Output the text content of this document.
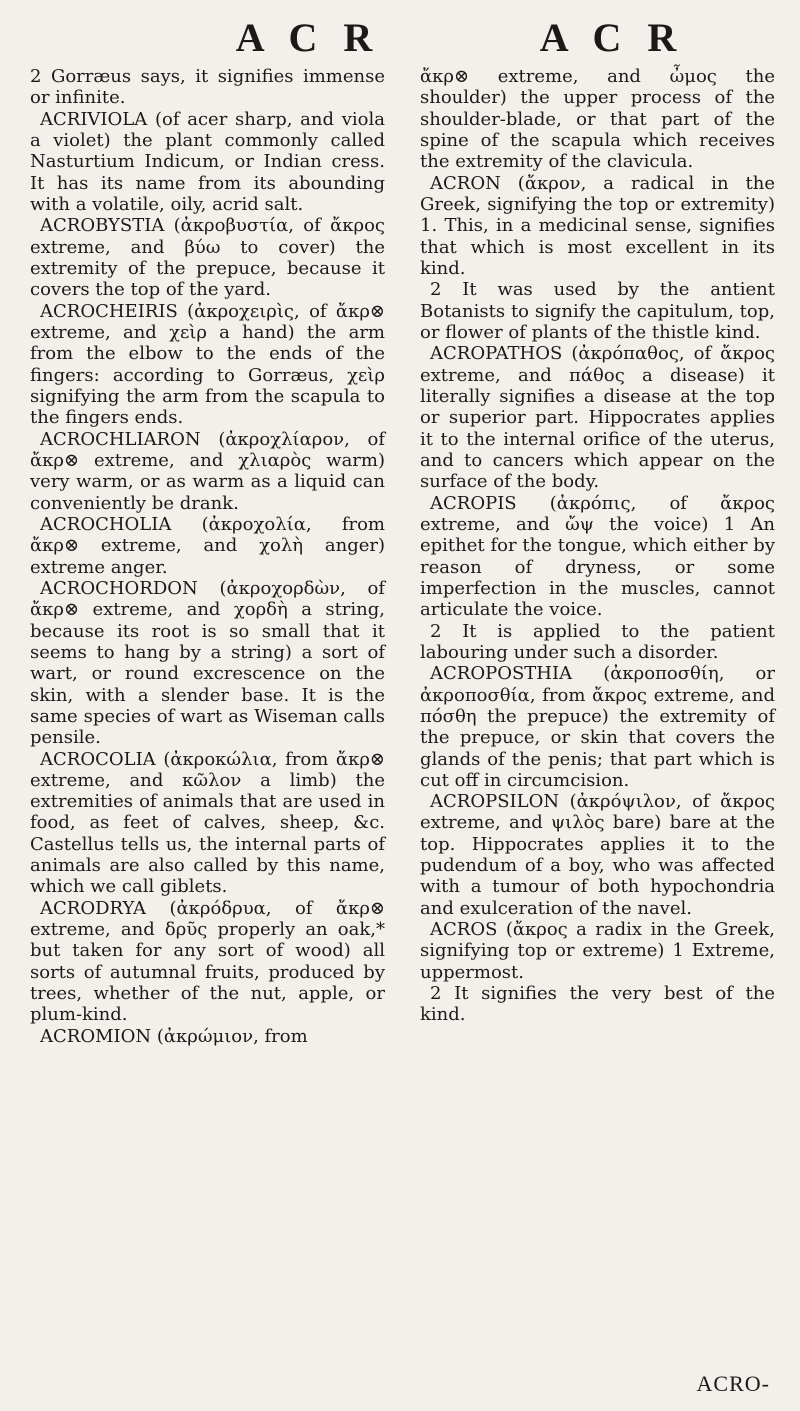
A C R	A C R

2 Gorræus says, it signifies immense or infinite.

ACRIVIOLA (of acer sharp, and viola a violet) the plant commonly called Nasturtium Indicum, or Indian cress. It has its name from its abounding with a volatile, oily, acrid salt.

ACROBYSTIA (ἀκροβυστία, of ἄκρος extreme, and βύω to cover) the extremity of the prepuce, because it covers the top of the yard.

ACROCHEIRIS (ἀκροχειρὶς, of ἄκρ⊗ extreme, and χεὶρ a hand) the arm from the elbow to the ends of the fingers: according to Gorræus, χεὶρ signifying the arm from the scapula to the fingers ends.

ACROCHLIARON (ἀκροχλίαρον, of ἄκρ⊗ extreme, and χλιαρὸς warm) very warm, or as warm as a liquid can conveniently be drank.

ACROCHOLIA (ἀκροχολία, from ἄκρ⊗ extreme, and χολὴ anger) extreme anger.

ACROCHORDON (ἀκροχορδὼν, of ἄκρ⊗ extreme, and χορδὴ a string, because its root is so small that it seems to hang by a string) a sort of wart, or round excrescence on the skin, with a slender base. It is the same species of wart as Wiseman calls pensile.

ACROCOLIA (ἀκροκώλια, from ἄκρ⊗ extreme, and κῶλον a limb) the extremities of animals that are used in food, as feet of calves, sheep, &c. Castellus tells us, the internal parts of animals are also called by this name, which we call giblets.

ACRODRYA (ἀκρόδρυα, of ἄκρ⊗ extreme, and δρῦς properly an oak,* but taken for any sort of wood) all sorts of autumnal fruits, produced by trees, whether of the nut, apple, or plum-kind.

ACROMION (ἀκρώμιον, from

ἄκρ⊗ extreme, and ὦμος the shoulder) the upper process of the shoulder-blade, or that part of the spine of the scapula which receives the extremity of the clavicula.

ACRON (ἄκρον, a radical in the Greek, signifying the top or extremity) 1. This, in a medicinal sense, signifies that which is most excellent in its kind.

2 It was used by the antient Botanists to signify the capitulum, top, or flower of plants of the thistle kind.

ACROPATHOS (ἀκρόπαθος, of ἄκρος extreme, and πάθος a disease) it literally signifies a disease at the top or superior part. Hippocrates applies it to the internal orifice of the uterus, and to cancers which appear on the surface of the body.

ACROPIS (ἀκρόπις, of ἄκρος extreme, and ὤψ the voice) 1 An epithet for the tongue, which either by reason of dryness, or some imperfection in the muscles, cannot articulate the voice.

2 It is applied to the patient labouring under such a disorder.

ACROPOSTHIA (ἀκροποσθίη, or ἀκροποσθία, from ἄκρος extreme, and πόσθη the prepuce) the extremity of the prepuce, or skin that covers the glands of the penis; that part which is cut off in circumcision.

ACROPSILON (ἀκρόψιλον, of ἄκρος extreme, and ψιλὸς bare) bare at the top. Hippocrates applies it to the pudendum of a boy, who was affected with a tumour of both hypochondria and exulceration of the navel.

ACROS (ἄκρος a radix in the Greek, signifying top or extreme) 1 Extreme, uppermost.

2 It signifies the very best of the kind.

ACRO-
